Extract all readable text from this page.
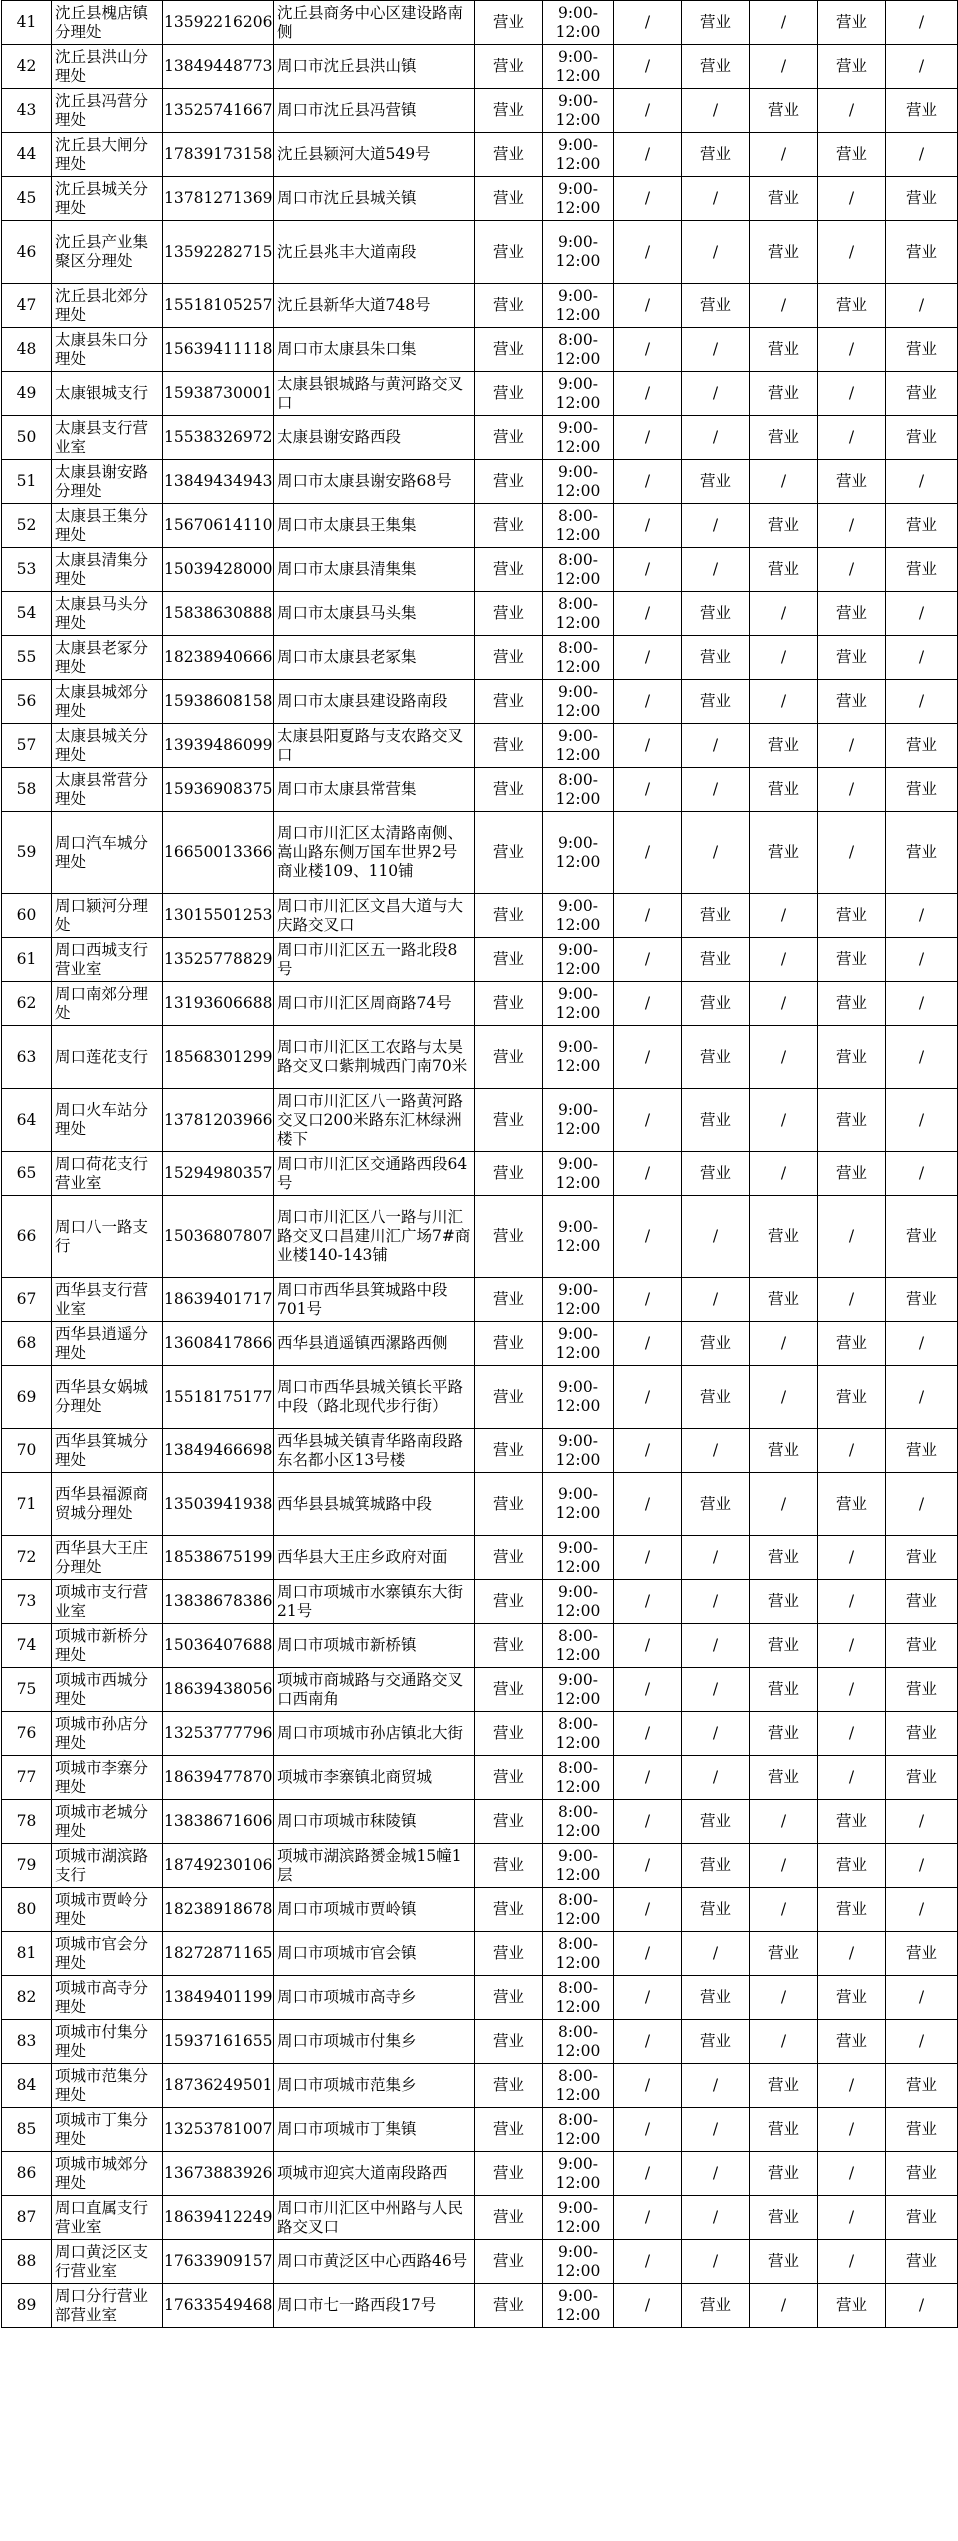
41	沈丘县槐店镇分理处	13592216206	沈丘县商务中心区建设路南侧	营业	9:00-12:00	/	营业	/	营业	/
42	沈丘县洪山分理处	13849448773	周口市沈丘县洪山镇	营业	9:00-12:00	/	营业	/	营业	/
43	沈丘县冯营分理处	13525741667	周口市沈丘县冯营镇	营业	9:00-12:00	/	/	营业	/	营业
44	沈丘县大闸分理处	17839173158	沈丘县颍河大道549号	营业	9:00-12:00	/	营业	/	营业	/
45	沈丘县城关分理处	13781271369	周口市沈丘县城关镇	营业	9:00-12:00	/	/	营业	/	营业
46	沈丘县产业集聚区分理处	13592282715	沈丘县兆丰大道南段	营业	9:00-12:00	/	/	营业	/	营业
47	沈丘县北郊分理处	15518105257	沈丘县新华大道748号	营业	9:00-12:00	/	营业	/	营业	/
48	太康县朱口分理处	15639411118	周口市太康县朱口集	营业	8:00-12:00	/	/	营业	/	营业
49	太康银城支行	15938730001	太康县银城路与黄河路交叉口	营业	9:00-12:00	/	/	营业	/	营业
50	太康县支行营业室	15538326972	太康县谢安路西段	营业	9:00-12:00	/	/	营业	/	营业
51	太康县谢安路分理处	13849434943	周口市太康县谢安路68号	营业	9:00-12:00	/	营业	/	营业	/
52	太康县王集分理处	15670614110	周口市太康县王集集	营业	8:00-12:00	/	/	营业	/	营业
53	太康县清集分理处	15039428000	周口市太康县清集集	营业	8:00-12:00	/	/	营业	/	营业
54	太康县马头分理处	15838630888	周口市太康县马头集	营业	8:00-12:00	/	营业	/	营业	/
55	太康县老冢分理处	18238940666	周口市太康县老冢集	营业	8:00-12:00	/	营业	/	营业	/
56	太康县城郊分理处	15938608158	周口市太康县建设路南段	营业	9:00-12:00	/	营业	/	营业	/
57	太康县城关分理处	13939486099	太康县阳夏路与支农路交叉口	营业	9:00-12:00	/	/	营业	/	营业
58	太康县常营分理处	15936908375	周口市太康县常营集	营业	8:00-12:00	/	/	营业	/	营业
59	周口汽车城分理处	16650013366	周口市川汇区太清路南侧、嵩山路东侧万国车世界2号商业楼109、110铺	营业	9:00-12:00	/	/	营业	/	营业
60	周口颍河分理处	13015501253	周口市川汇区文昌大道与大庆路交叉口	营业	9:00-12:00	/	营业	/	营业	/
61	周口西城支行营业室	13525778829	周口市川汇区五一路北段8号	营业	9:00-12:00	/	营业	/	营业	/
62	周口南郊分理处	13193606688	周口市川汇区周商路74号	营业	9:00-12:00	/	营业	/	营业	/
63	周口莲花支行	18568301299	周口市川汇区工农路与太昊路交叉口紫荆城西门南70米	营业	9:00-12:00	/	营业	/	营业	/
64	周口火车站分理处	13781203966	周口市川汇区八一路黄河路交叉口200米路东汇林绿洲楼下	营业	9:00-12:00	/	营业	/	营业	/
65	周口荷花支行营业室	15294980357	周口市川汇区交通路西段64号	营业	9:00-12:00	/	营业	/	营业	/
66	周口八一路支行	15036807807	周口市川汇区八一路与川汇路交叉口昌建川汇广场7#商业楼140-143铺	营业	9:00-12:00	/	/	营业	/	营业
67	西华县支行营业室	18639401717	周口市西华县箕城路中段701号	营业	9:00-12:00	/	/	营业	/	营业
68	西华县逍遥分理处	13608417866	西华县逍遥镇西漯路西侧	营业	9:00-12:00	/	营业	/	营业	/
69	西华县女娲城分理处	15518175177	周口市西华县城关镇长平路中段（路北现代步行街）	营业	9:00-12:00	/	营业	/	营业	/
70	西华县箕城分理处	13849466698	西华县城关镇青华路南段路东名都小区13号楼	营业	9:00-12:00	/	/	营业	/	营业
71	西华县福源商贸城分理处	13503941938	西华县县城箕城路中段	营业	9:00-12:00	/	营业	/	营业	/
72	西华县大王庄分理处	18538675199	西华县大王庄乡政府对面	营业	9:00-12:00	/	/	营业	/	营业
73	项城市支行营业室	13838678386	周口市项城市水寨镇东大街21号	营业	9:00-12:00	/	/	营业	/	营业
74	项城市新桥分理处	15036407688	周口市项城市新桥镇	营业	8:00-12:00	/	/	营业	/	营业
75	项城市西城分理处	18639438056	项城市商城路与交通路交叉口西南角	营业	9:00-12:00	/	/	营业	/	营业
76	项城市孙店分理处	13253777796	周口市项城市孙店镇北大街	营业	8:00-12:00	/	/	营业	/	营业
77	项城市李寨分理处	18639477870	项城市李寨镇北商贸城	营业	8:00-12:00	/	/	营业	/	营业
78	项城市老城分理处	13838671606	周口市项城市秣陵镇	营业	8:00-12:00	/	营业	/	营业	/
79	项城市湖滨路支行	18749230106	项城市湖滨路赟金城15幢1层	营业	9:00-12:00	/	营业	/	营业	/
80	项城市贾岭分理处	18238918678	周口市项城市贾岭镇	营业	8:00-12:00	/	营业	/	营业	/
81	项城市官会分理处	18272871165	周口市项城市官会镇	营业	8:00-12:00	/	/	营业	/	营业
82	项城市高寺分理处	13849401199	周口市项城市高寺乡	营业	8:00-12:00	/	营业	/	营业	/
83	项城市付集分理处	15937161655	周口市项城市付集乡	营业	8:00-12:00	/	营业	/	营业	/
84	项城市范集分理处	18736249501	周口市项城市范集乡	营业	8:00-12:00	/	/	营业	/	营业
85	项城市丁集分理处	13253781007	周口市项城市丁集镇	营业	8:00-12:00	/	/	营业	/	营业
86	项城市城郊分理处	13673883926	项城市迎宾大道南段路西	营业	9:00-12:00	/	/	营业	/	营业
87	周口直属支行营业室	18639412249	周口市川汇区中州路与人民路交叉口	营业	9:00-12:00	/	/	营业	/	营业
88	周口黄泛区支行营业室	17633909157	周口市黄泛区中心西路46号	营业	9:00-12:00	/	/	营业	/	营业
89	周口分行营业部营业室	17633549468	周口市七一路西段17号	营业	9:00-12:00	/	营业	/	营业	/
